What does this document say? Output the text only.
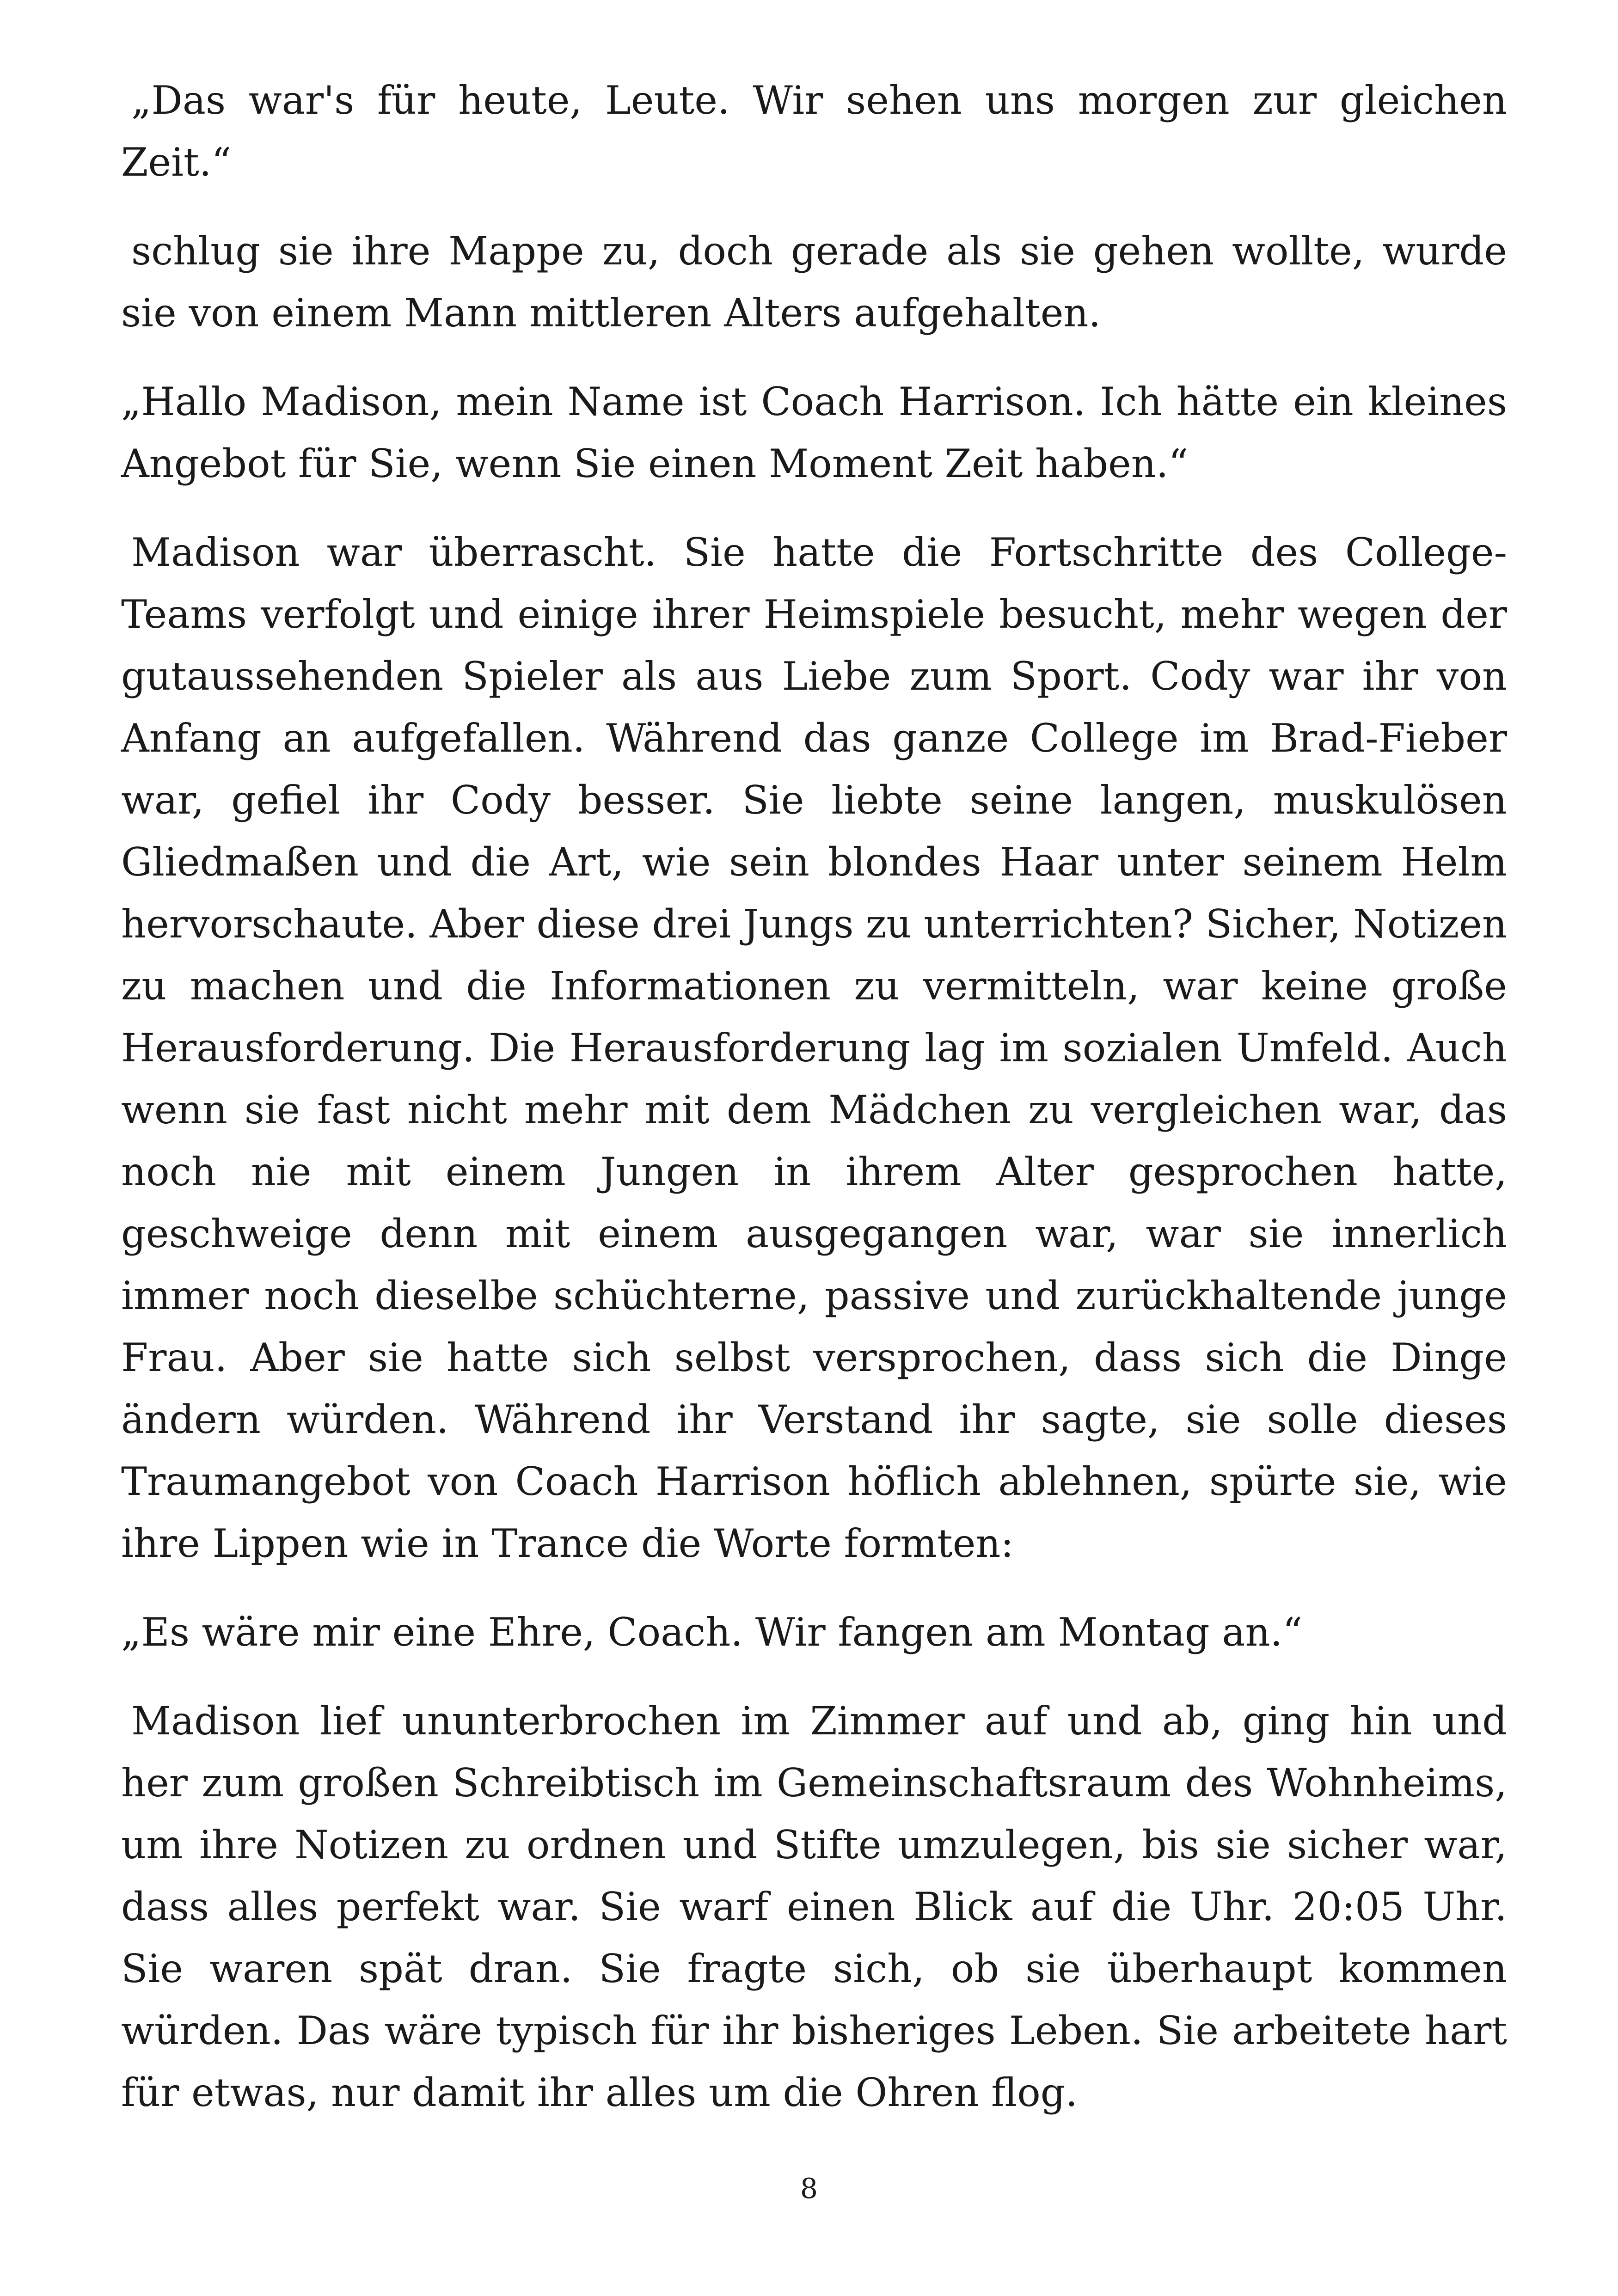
„Das war's für heute, Leute. Wir sehen uns morgen zur gleichen Zeit.“

schlug sie ihre Mappe zu, doch gerade als sie gehen wollte, wurde sie von einem Mann mittleren Alters aufgehalten.

„Hallo Madison, mein Name ist Coach Harrison. Ich hätte ein kleines Angebot für Sie, wenn Sie einen Moment Zeit haben.“

Madison war überrascht. Sie hatte die Fortschritte des College-Teams verfolgt und einige ihrer Heimspiele besucht, mehr wegen der gutaussehenden Spieler als aus Liebe zum Sport. Cody war ihr von Anfang an aufgefallen. Während das ganze College im Brad-Fieber war, gefiel ihr Cody besser. Sie liebte seine langen, muskulösen Gliedmaßen und die Art, wie sein blondes Haar unter seinem Helm hervorschaute. Aber diese drei Jungs zu unterrichten? Sicher, Notizen zu machen und die Informationen zu vermitteln, war keine große Herausforderung. Die Herausforderung lag im sozialen Umfeld. Auch wenn sie fast nicht mehr mit dem Mädchen zu vergleichen war, das noch nie mit einem Jungen in ihrem Alter gesprochen hatte, geschweige denn mit einem ausgegangen war, war sie innerlich immer noch dieselbe schüchterne, passive und zurückhaltende junge Frau. Aber sie hatte sich selbst versprochen, dass sich die Dinge ändern würden. Während ihr Verstand ihr sagte, sie solle dieses Traumangebot von Coach Harrison höflich ablehnen, spürte sie, wie ihre Lippen wie in Trance die Worte formten:

„Es wäre mir eine Ehre, Coach. Wir fangen am Montag an.“

Madison lief ununterbrochen im Zimmer auf und ab, ging hin und her zum großen Schreibtisch im Gemeinschaftsraum des Wohnheims, um ihre Notizen zu ordnen und Stifte umzulegen, bis sie sicher war, dass alles perfekt war. Sie warf einen Blick auf die Uhr. 20:05 Uhr. Sie waren spät dran. Sie fragte sich, ob sie überhaupt kommen würden. Das wäre typisch für ihr bisheriges Leben. Sie arbeitete hart für etwas, nur damit ihr alles um die Ohren flog.

8
